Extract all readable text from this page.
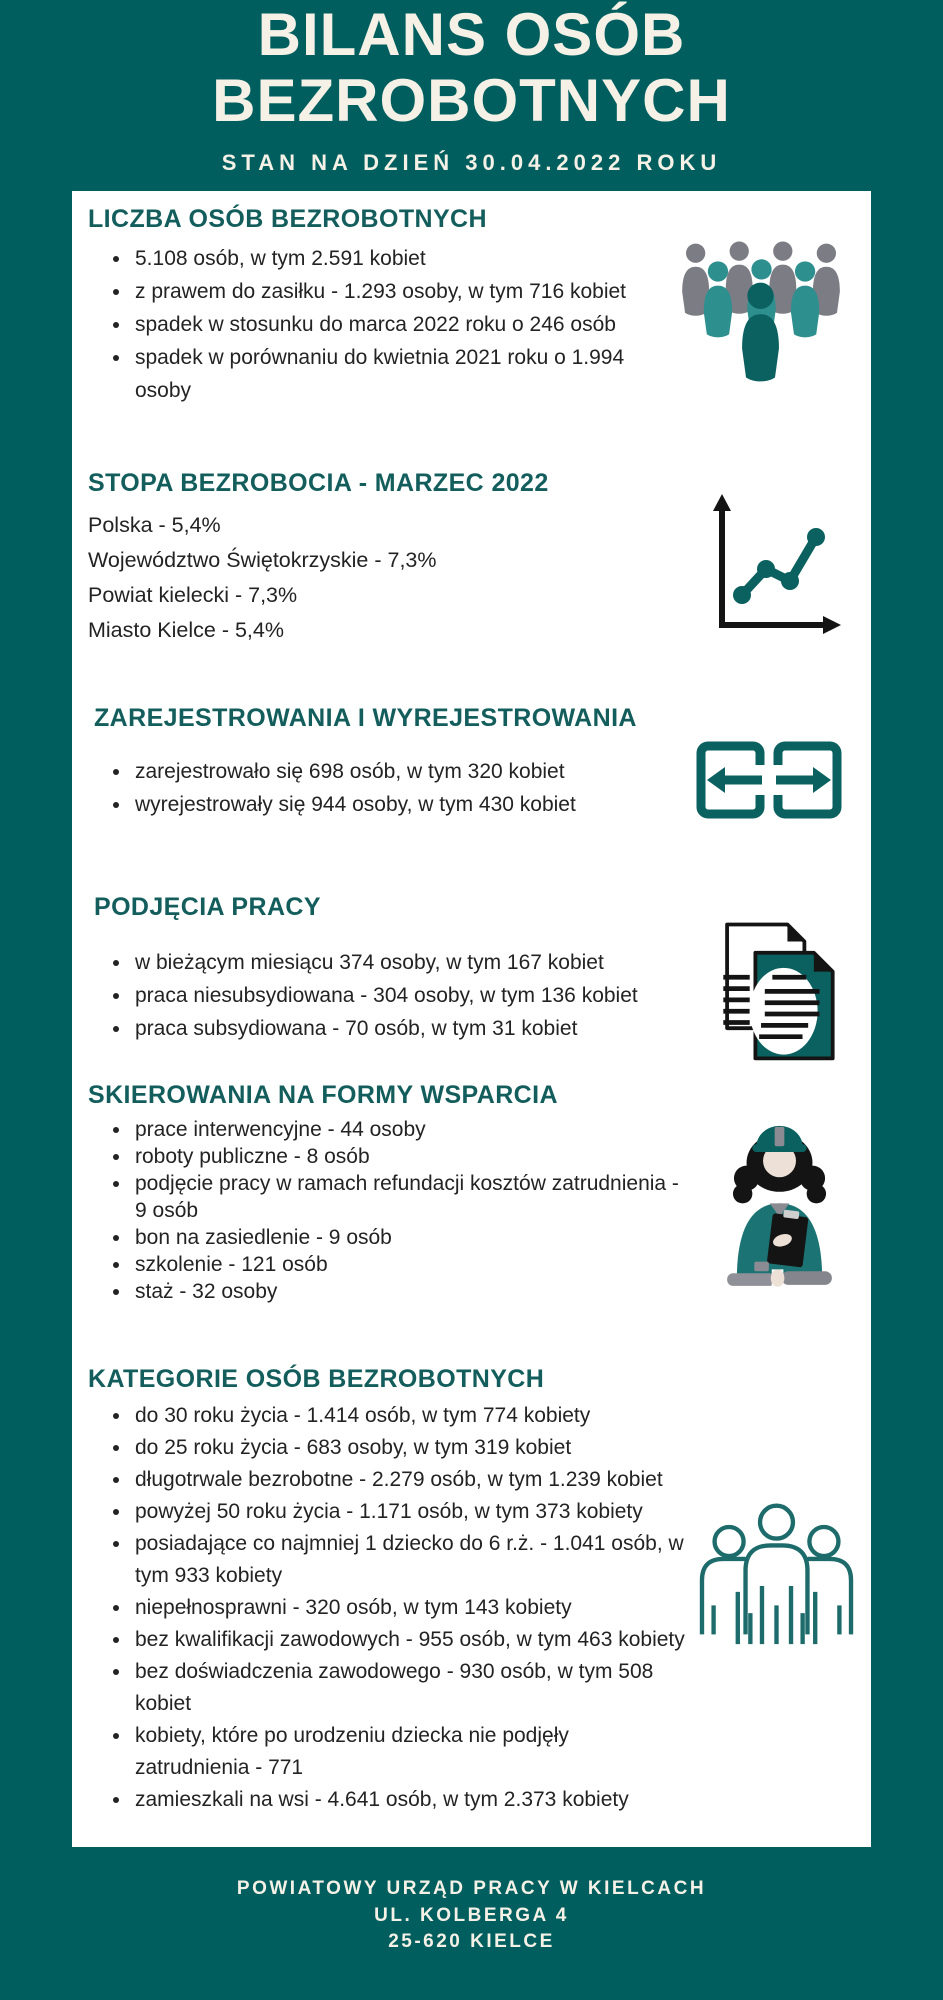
BILANS OSÓB BEZROBOTNYCH

STAN NA DZIEŃ 30.04.2022 ROKU

LICZBA OSÓB BEZROBOTNYCH
• 5.108 osób, w tym 2.591 kobiet
• z prawem do zasiłku - 1.293 osoby, w tym 716 kobiet
• spadek w stosunku do marca 2022 roku o 246 osób
• spadek w porównaniu do kwietnia 2021 roku o 1.994 osoby
STOPA BEZROBOCIA - MARZEC 2022

Polska - 5,4%

Województwo Świętokrzyskie - 7,3%

Powiat kielecki - 7,3%

Miasto Kielce - 5,4%

ZAREJESTROWANIA I WYREJESTROWANIA
• zarejestrowało się 698 osób, w tym 320 kobiet
• wyrejestrowały się 944 osoby, w tym 430 kobiet
PODJĘCIA PRACY
• w bieżącym miesiącu 374 osoby, w tym 167 kobiet
• praca niesubsydiowana - 304 osoby, w tym 136 kobiet
• praca subsydiowana - 70 osób, w tym 31 kobiet
SKIEROWANIA NA FORMY WSPARCIA
• prace interwencyjne - 44 osoby
• roboty publiczne - 8 osób
• podjęcie pracy w ramach refundacji kosztów zatrudnienia - 9 osób
• bon na zasiedlenie - 9 osób
• szkolenie - 121 osób
• staż - 32 osoby
KATEGORIE OSÓB BEZROBOTNYCH
• do 30 roku życia - 1.414 osób, w tym 774 kobiety
• do 25 roku życia - 683 osoby, w tym 319 kobiet
• długotrwale bezrobotne - 2.279 osób, w tym 1.239 kobiet
• powyżej 50 roku życia - 1.171 osób, w tym 373 kobiety
• posiadające co najmniej 1 dziecko do 6 r.ż. - 1.041 osób, w tym 933 kobiety
• niepełnosprawni - 320 osób, w tym 143 kobiety
• bez kwalifikacji zawodowych - 955 osób, w tym 463 kobiety
• bez doświadczenia zawodowego - 930 osób, w tym 508 kobiet
• kobiety, które po urodzeniu dziecka nie podjęły zatrudnienia - 771
• zamieszkali na wsi - 4.641 osób, w tym 2.373 kobiety

POWIATOWY URZĄD PRACY W KIELCACH

UL. KOLBERGA 4

25-620 KIELCE
